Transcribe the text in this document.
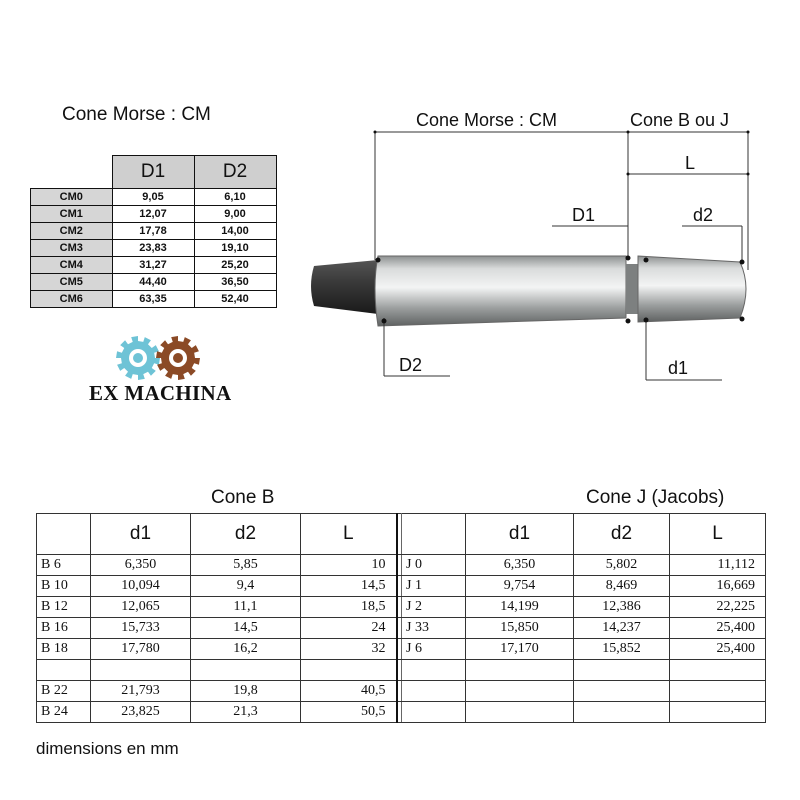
Cone Morse : CM
	D1	D2
CM0	9,05	6,10
CM1	12,07	9,00
CM2	17,78	14,00
CM3	23,83	19,10
CM4	31,27	25,20
CM5	44,40	36,50
CM6	63,35	52,40
EX MACHINA
Cone Morse : CM	Cone B ou J
L
D1	d2
D2	d1
Cone B	Cone J (Jacobs)
	d1	d2	L			d1	d2	L
B 6	6,350	5,85	10		J 0	6,350	5,802	11,112
B 10	10,094	9,4	14,5		J 1	9,754	8,469	16,669
B 12	12,065	11,1	18,5		J 2	14,199	12,386	22,225
B 16	15,733	14,5	24		J 33	15,850	14,237	25,400
B 18	17,780	16,2	32		J 6	17,170	15,852	25,400

B 22	21,793	19,8	40,5					
B 24	23,825	21,3	50,5					
dimensions en mm
